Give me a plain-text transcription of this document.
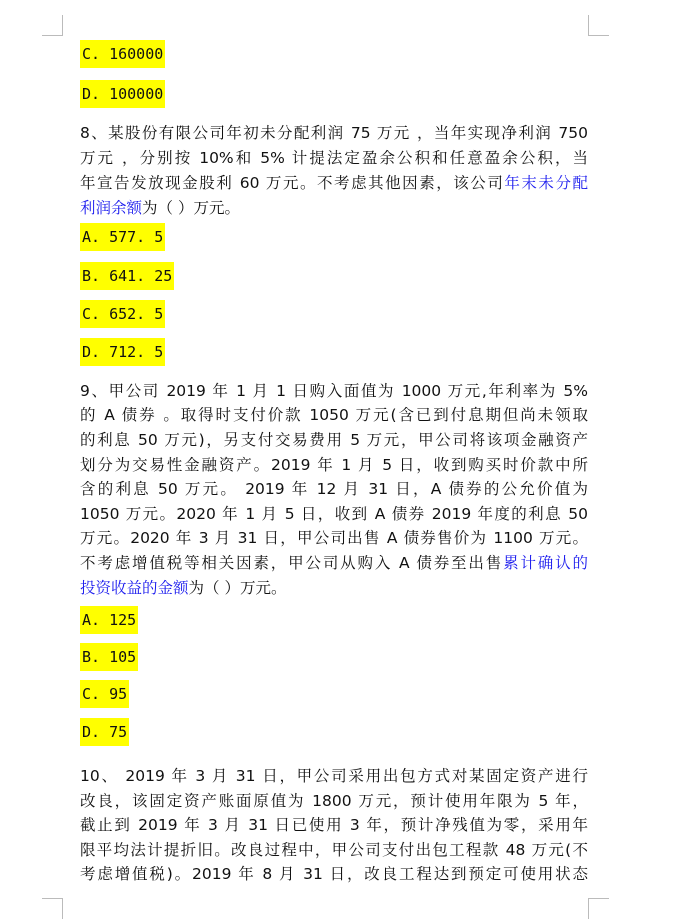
C. 160000
D. 100000
8、某股份有限公司年初未分配利润 75 万元 ，当年实现净利润 750
万元 ，分别按 10%和 5% 计提法定盈余公积和任意盈余公积，当
年宣告发放现金股利 60 万元。不考虑其他因素，该公司年末未分配
利润余额为（ ）万元。
A. 577. 5
B. 641. 25
C. 652. 5
D. 712. 5
9、甲公司 2019 年 1 月 1 日购入面值为 1000 万元,年利率为 5%
的 A 债券 。取得时支付价款 1050 万元(含已到付息期但尚未领取
的利息 50 万元)，另支付交易费用 5 万元，甲公司将该项金融资产
划分为交易性金融资产。2019 年 1 月 5 日，收到购买时价款中所
含的利息 50 万元。 2019 年 12 月 31 日，A 债券的公允价值为
1050 万元。2020 年 1 月 5 日，收到 A 债券 2019 年度的利息 50
万元。2020 年 3 月 31 日，甲公司出售 A 债券售价为 1100 万元。
不考虑增值税等相关因素，甲公司从购入 A 债券至出售累计确认的
投资收益的金额为（ ）万元。
A. 125
B. 105
C. 95
D. 75
10、 2019 年 3 月 31 日，甲公司采用出包方式对某固定资产进行
改良，该固定资产账面原值为 1800 万元，预计使用年限为 5 年，
截止到 2019 年 3 月 31 日已使用 3 年，预计净残值为零，采用年
限平均法计提折旧。改良过程中，甲公司支付出包工程款 48 万元(不
考虑增值税)。2019 年 8 月 31 日，改良工程达到预定可使用状态
